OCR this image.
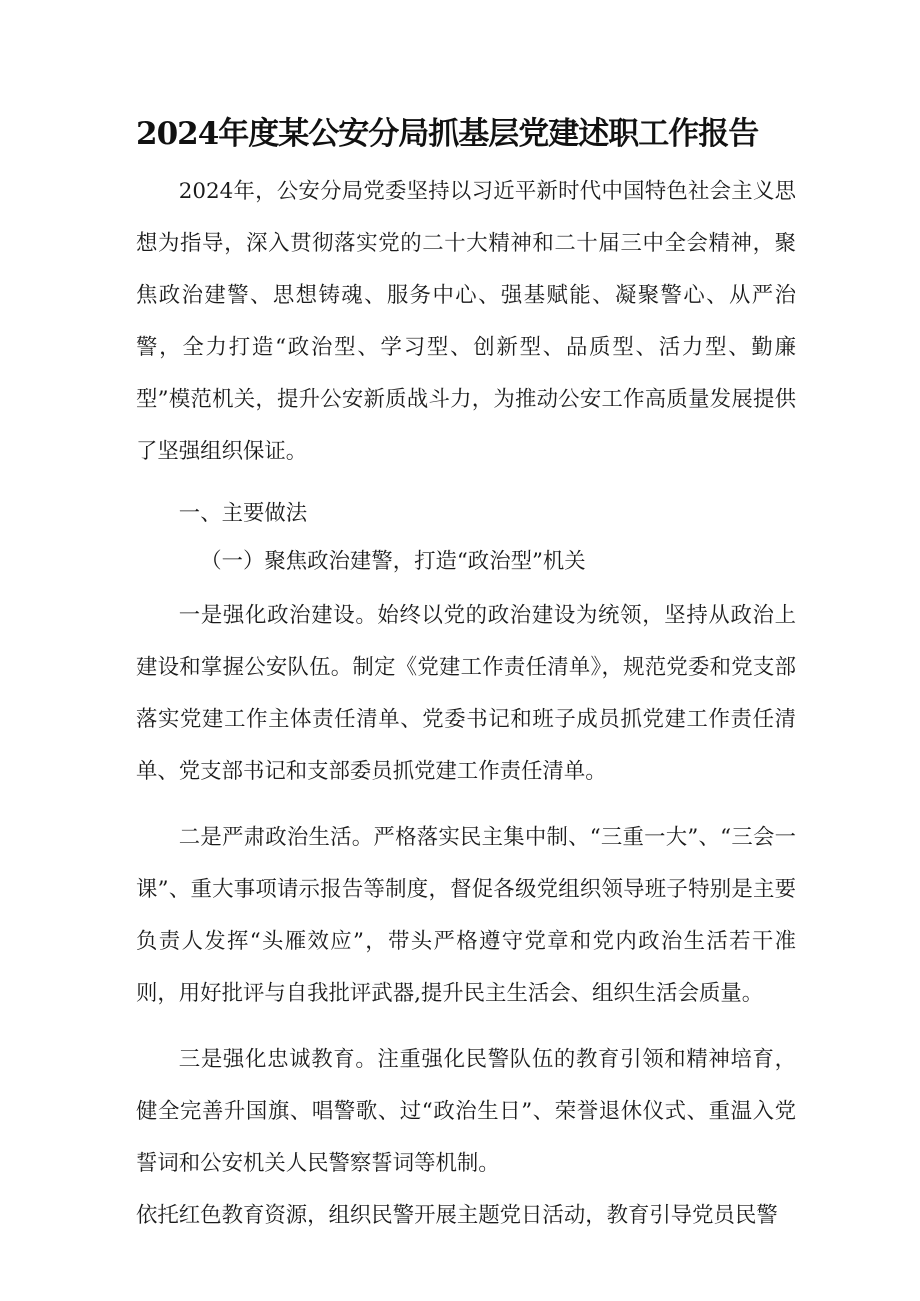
2024年度某公安分局抓基层党建述职工作报告

2024年，公安分局党委坚持以习近平新时代中国特色社会主义思想为指导，深入贯彻落实党的二十大精神和二十届三中全会精神，聚焦政治建警、思想铸魂、服务中心、强基赋能、凝聚警心、从严治警，全力打造“政治型、学习型、创新型、品质型、活力型、勤廉型”模范机关，提升公安新质战斗力，为推动公安工作高质量发展提供了坚强组织保证。

一、主要做法

（一）聚焦政治建警，打造“政治型”机关

一是强化政治建设。始终以党的政治建设为统领，坚持从政治上建设和掌握公安队伍。制定《党建工作责任清单》，规范党委和党支部落实党建工作主体责任清单、党委书记和班子成员抓党建工作责任清单、党支部书记和支部委员抓党建工作责任清单。

二是严肃政治生活。严格落实民主集中制、“三重一大”、“三会一课”、重大事项请示报告等制度，督促各级党组织领导班子特别是主要负责人发挥“头雁效应”，带头严格遵守党章和党内政治生活若干准则，用好批评与自我批评武器,提升民主生活会、组织生活会质量。

三是强化忠诚教育。注重强化民警队伍的教育引领和精神培育，健全完善升国旗、唱警歌、过“政治生日”、荣誉退休仪式、重温入党誓词和公安机关人民警察誓词等机制。

依托红色教育资源，组织民警开展主题党日活动，教育引导党员民警
